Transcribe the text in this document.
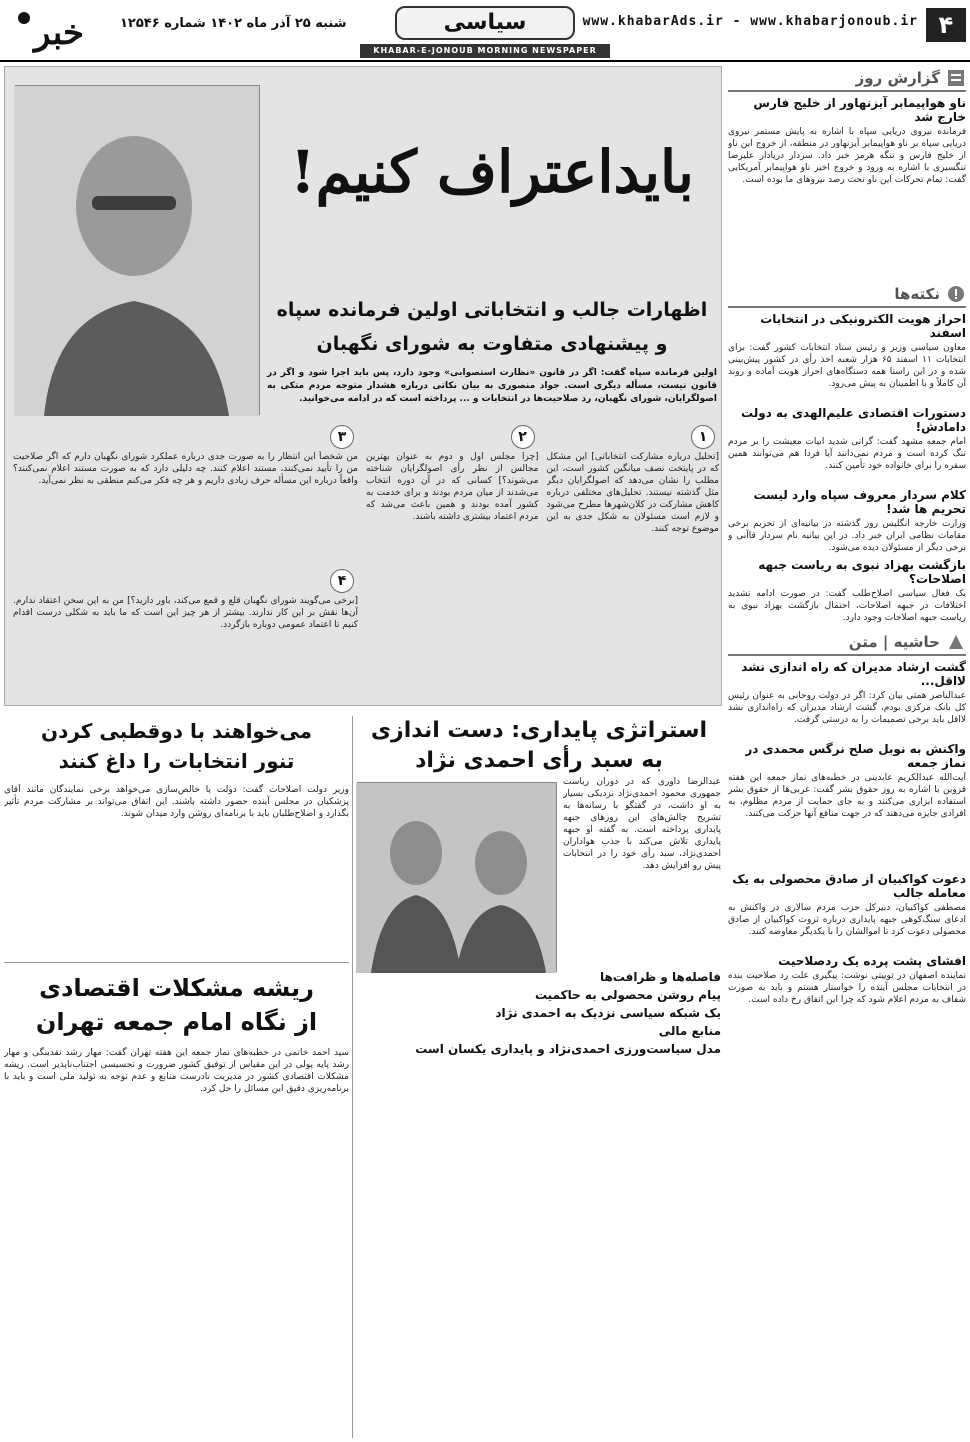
۴
www.khabarAds.ir - www.khabarjonoub.ir
سیاسی
KHABAR-E-JONOUB MORNING NEWSPAPER
شنبه ۲۵ آذر ماه ۱۴۰۲ شماره ۱۲۵۴۶
خبر
بایداعتراف کنیم!
اظهارات جالب و انتخاباتی اولین فرمانده سپاه
و پیشنهادی متفاوت به شورای نگهبان

اولین فرمانده سپاه گفت: اگر در قانون «نظارت استصوابی» وجود دارد، پس باید اجرا شود و اگر در قانون نیست، مسأله دیگری است. جواد منصوری به بیان نکاتی درباره هشدار متوجه مردم متکی به اصولگرایان، شورای نگهبان، رد صلاحیت‌ها در انتخابات و ... پرداخته است که در ادامه می‌خوانید.

۱

[تحلیل درباره مشارکت انتخاباتی] این مشکل که در پایتخت نصف میانگین کشور است، این مطلب را نشان می‌دهد که اصولگرایان دیگر مثل گذشته نیستند. تحلیل‌های مختلفی درباره کاهش مشارکت در کلان‌شهرها مطرح می‌شود و لازم است مسئولان به شکل جدی به این موضوع توجه کنند.

۲

[چرا مجلس اول و دوم به عنوان بهترین مجالس از نظر رأی اصولگرایان شناخته می‌شوند؟] کسانی که در آن دوره انتخاب می‌شدند از میان مردم بودند و برای خدمت به کشور آمده بودند و همین باعث می‌شد که مردم اعتماد بیشتری داشته باشند.

۳

من شخصاً این انتظار را به صورت جدی درباره عملکرد شورای نگهبان دارم که اگر صلاحیت من را تأیید نمی‌کنند، مستند اعلام کنند. چه دلیلی دارد که به صورت مستند اعلام نمی‌کنند؟ واقعاً درباره این مسأله حرف زیادی داریم و هر چه فکر می‌کنم منطقی به نظر نمی‌آید.

۴

[برخی می‌گویند شورای نگهبان قلع و قمع می‌کند، باور دارید؟] من به این سخن اعتقاد ندارم. آن‌ها نقش بر این کار ندارند. بیشتر از هر چیز این است که ما باید به شکلی درست اقدام کنیم تا اعتماد عمومی دوباره بازگردد.

گزارش روز
ناو هواپیمابر آیزنهاور از خلیج فارس خارج شد

فرمانده نیروی دریایی سپاه با اشاره به پایش مستمر نیروی دریایی سپاه بر ناو هواپیمابر آیزنهاور در منطقه، از خروج این ناو از خلیج فارس و تنگه هرمز خبر داد. سردار دریادار علیرضا تنگسیری با اشاره به ورود و خروج اخیر ناو هواپیمابر آمریکایی گفت: تمام تحرکات این ناو تحت رصد نیروهای ما بوده است.

نکته‌ها
احراز هویت الکترونیکی در انتخابات اسفند

معاون سیاسی وزیر و رئیس ستاد انتخابات کشور گفت: برای انتخابات ۱۱ اسفند ۶۵ هزار شعبه اخذ رأی در کشور پیش‌بینی شده و در این راستا همه دستگاه‌های احراز هویت آماده و روند آن کاملاً و با اطمینان به پیش می‌رود.

دستورات اقتصادی علیم‌الهدی به دولت داماد‌ش!

امام جمعه مشهد گفت: گرانی شدید ابیات معیشت را بر مردم تنگ کرده است و مردم نمی‌دانند آیا فردا هم می‌توانند همین سفره را برای خانواده خود تأمین کنند.

کلام سردار معروف سپاه وارد لیست تحریم ها شد!

وزارت خارجه انگلیس روز گذشته در بیانیه‌ای از تحریم برخی مقامات نظامی ایران خبر داد. در این بیانیه نام سردار قاآنی و برخی دیگر از مسئولان دیده می‌شود.

بازگشت بهزاد نبوی به ریاست جبهه اصلاحات؟

یک فعال سیاسی اصلاح‌طلب گفت: در صورت ادامه تشدید اختلافات در جبهه اصلاحات، احتمال بازگشت بهزاد نبوی به ریاست جبهه اصلاحات وجود دارد.

حاشیه | متن
گشت ارشاد مدیران که راه اندازی نشد لااقل...

عبدالناصر همتی بیان کرد: اگر در دولت روحانی به عنوان رئیس کل بانک مرکزی بودم، گشت ارشاد مدیران که راه‌اندازی نشد لااقل باید برخی تصمیمات را به درستی گرفت.

واکنش به نوبل صلح نرگس محمدی در نماز جمعه

آیت‌الله عبدالکریم عابدینی در خطبه‌های نماز جمعه این هفته قزوین با اشاره به روز حقوق بشر گفت: غربی‌ها از حقوق بشر استفاده ابزاری می‌کنند و به جای حمایت از مردم مظلوم، به افرادی جایزه می‌دهند که در جهت منافع آنها حرکت می‌کنند.

دعوت کواکبیان از صادق محصولی به یک معامله جالب

مصطفی کواکبیان، دبیرکل حزب مردم سالاری در واکنش به ادعای سنگ‌کوهی جبهه پایداری درباره ثروت کواکبیان از صادق محصولی دعوت کرد تا اموالشان را با یکدیگر معاوضه کنند.

افشای پشت پرده یک ردصلاحیت

نماینده اصفهان در توییتی نوشت: پیگیری علت رد صلاحیت بنده در انتخابات مجلس آینده را خواستار هستم و باید به صورت شفاف به مردم اعلام شود که چرا این اتفاق رخ داده است.

استراتژی پایداری: دست اندازی
به سبد رأی احمدی نژاد

عبدالرضا داوری که در دوران ریاست جمهوری محمود احمدی‌نژاد نزدیکی بسیار به او داشت، در گفتگو با رسانه‌ها به تشریح چالش‌های این روزهای جبهه پایداری پرداخته است. به گفته او جبهه پایداری تلاش می‌کند با جذب هواداران احمدی‌نژاد، سبد رأی خود را در انتخابات پیش رو افزایش دهد.

فاصله‌ها و ظرافت‌ها
پیام روشن محصولی به حاکمیت
یک شبکه سیاسی نزدیک به احمدی نژاد
منابع مالی
مدل سیاست‌ورزی احمدی‌نژاد و پایداری یکسان است
می‌خواهند با دوقطبی کردن
تنور انتخابات را داغ کنند

وزیر دولت اصلاحات گفت: دولت یا خالص‌سازی می‌خواهد برخی نمایندگان مانند آقای پزشکیان در مجلس آینده حضور داشته باشند. این اتفاق می‌تواند بر مشارکت مردم تأثیر بگذارد و اصلاح‌طلبان باید با برنامه‌ای روشن وارد میدان شوند.

ریشه مشکلات اقتصادی
از نگاه امام جمعه تهران

سید احمد خاتمی در خطبه‌های نماز جمعه این هفته تهران گفت: مهار رشد نقدینگی و مهار رشد پایه پولی در این مقیاس از توفیق کشور ضرورت و تحسیسی اجتناب‌ناپذیر است. ریشه مشکلات اقتصادی کشور در مدیریت نادرست منابع و عدم توجه به تولید ملی است و باید با برنامه‌ریزی دقیق این مسائل را حل کرد.
